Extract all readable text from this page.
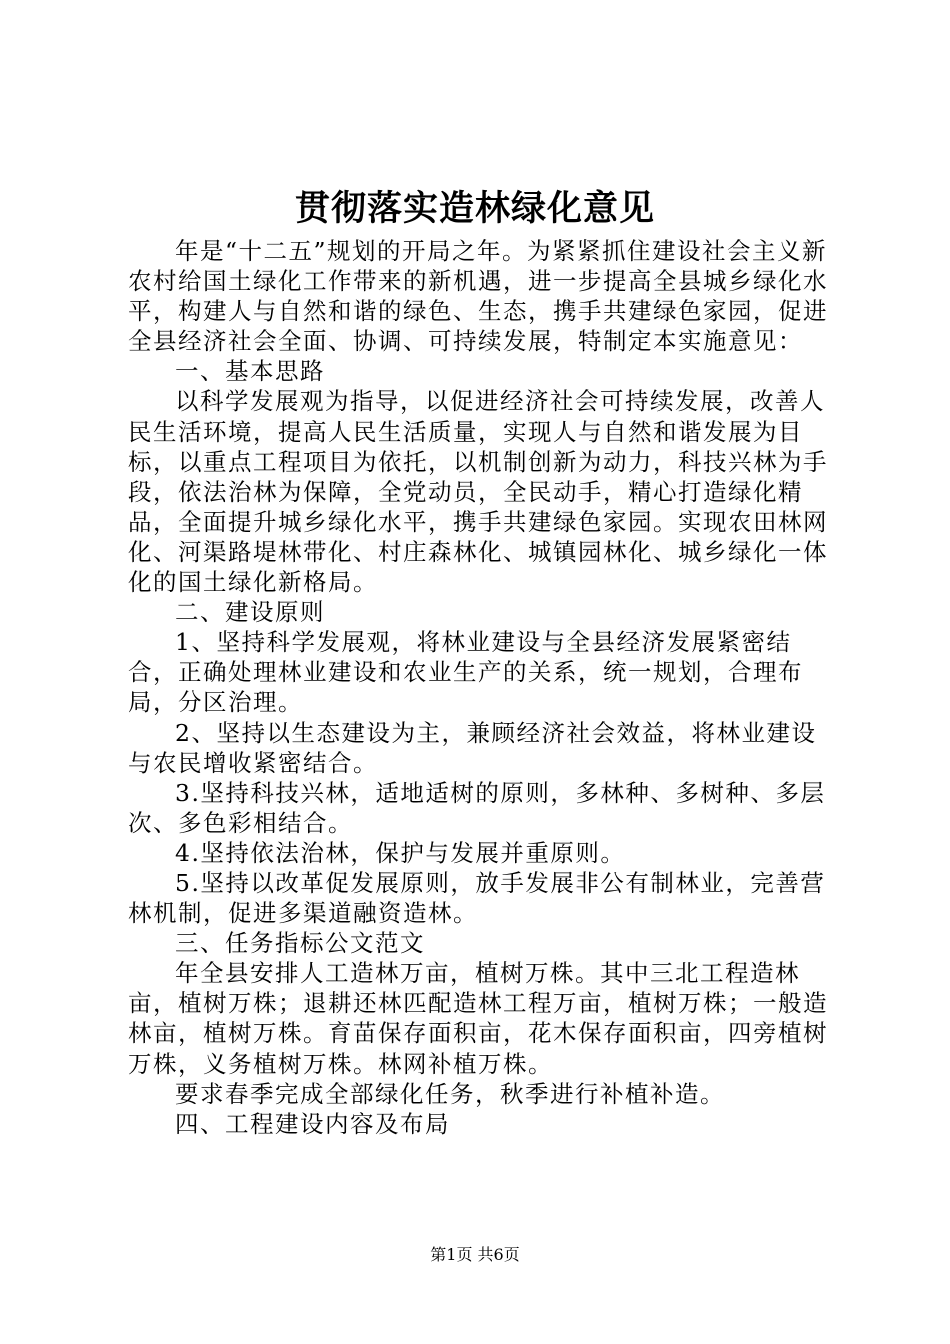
贯彻落实造林绿化意见

年是“十二五”规划的开局之年。为紧紧抓住建设社会主义新农村给国土绿化工作带来的新机遇，进一步提高全县城乡绿化水平，构建人与自然和谐的绿色、生态，携手共建绿色家园，促进全县经济社会全面、协调、可持续发展，特制定本实施意见：

一、基本思路

以科学发展观为指导，以促进经济社会可持续发展，改善人民生活环境，提高人民生活质量，实现人与自然和谐发展为目标，以重点工程项目为依托，以机制创新为动力，科技兴林为手段，依法治林为保障，全党动员，全民动手，精心打造绿化精品，全面提升城乡绿化水平，携手共建绿色家园。实现农田林网化、河渠路堤林带化、村庄森林化、城镇园林化、城乡绿化一体化的国土绿化新格局。

二、建设原则

1、坚持科学发展观，将林业建设与全县经济发展紧密结合，正确处理林业建设和农业生产的关系，统一规划，合理布局，分区治理。

2、坚持以生态建设为主，兼顾经济社会效益，将林业建设与农民增收紧密结合。

3.坚持科技兴林，适地适树的原则，多林种、多树种、多层次、多色彩相结合。

4.坚持依法治林，保护与发展并重原则。

5.坚持以改革促发展原则，放手发展非公有制林业，完善营林机制，促进多渠道融资造林。

三、任务指标公文范文

年全县安排人工造林万亩，植树万株。其中三北工程造林亩，植树万株；退耕还林匹配造林工程万亩，植树万株；一般造林亩，植树万株。育苗保存面积亩，花木保存面积亩，四旁植树万株，义务植树万株。林网补植万株。

要求春季完成全部绿化任务，秋季进行补植补造。

四、工程建设内容及布局

第1页 共6页
